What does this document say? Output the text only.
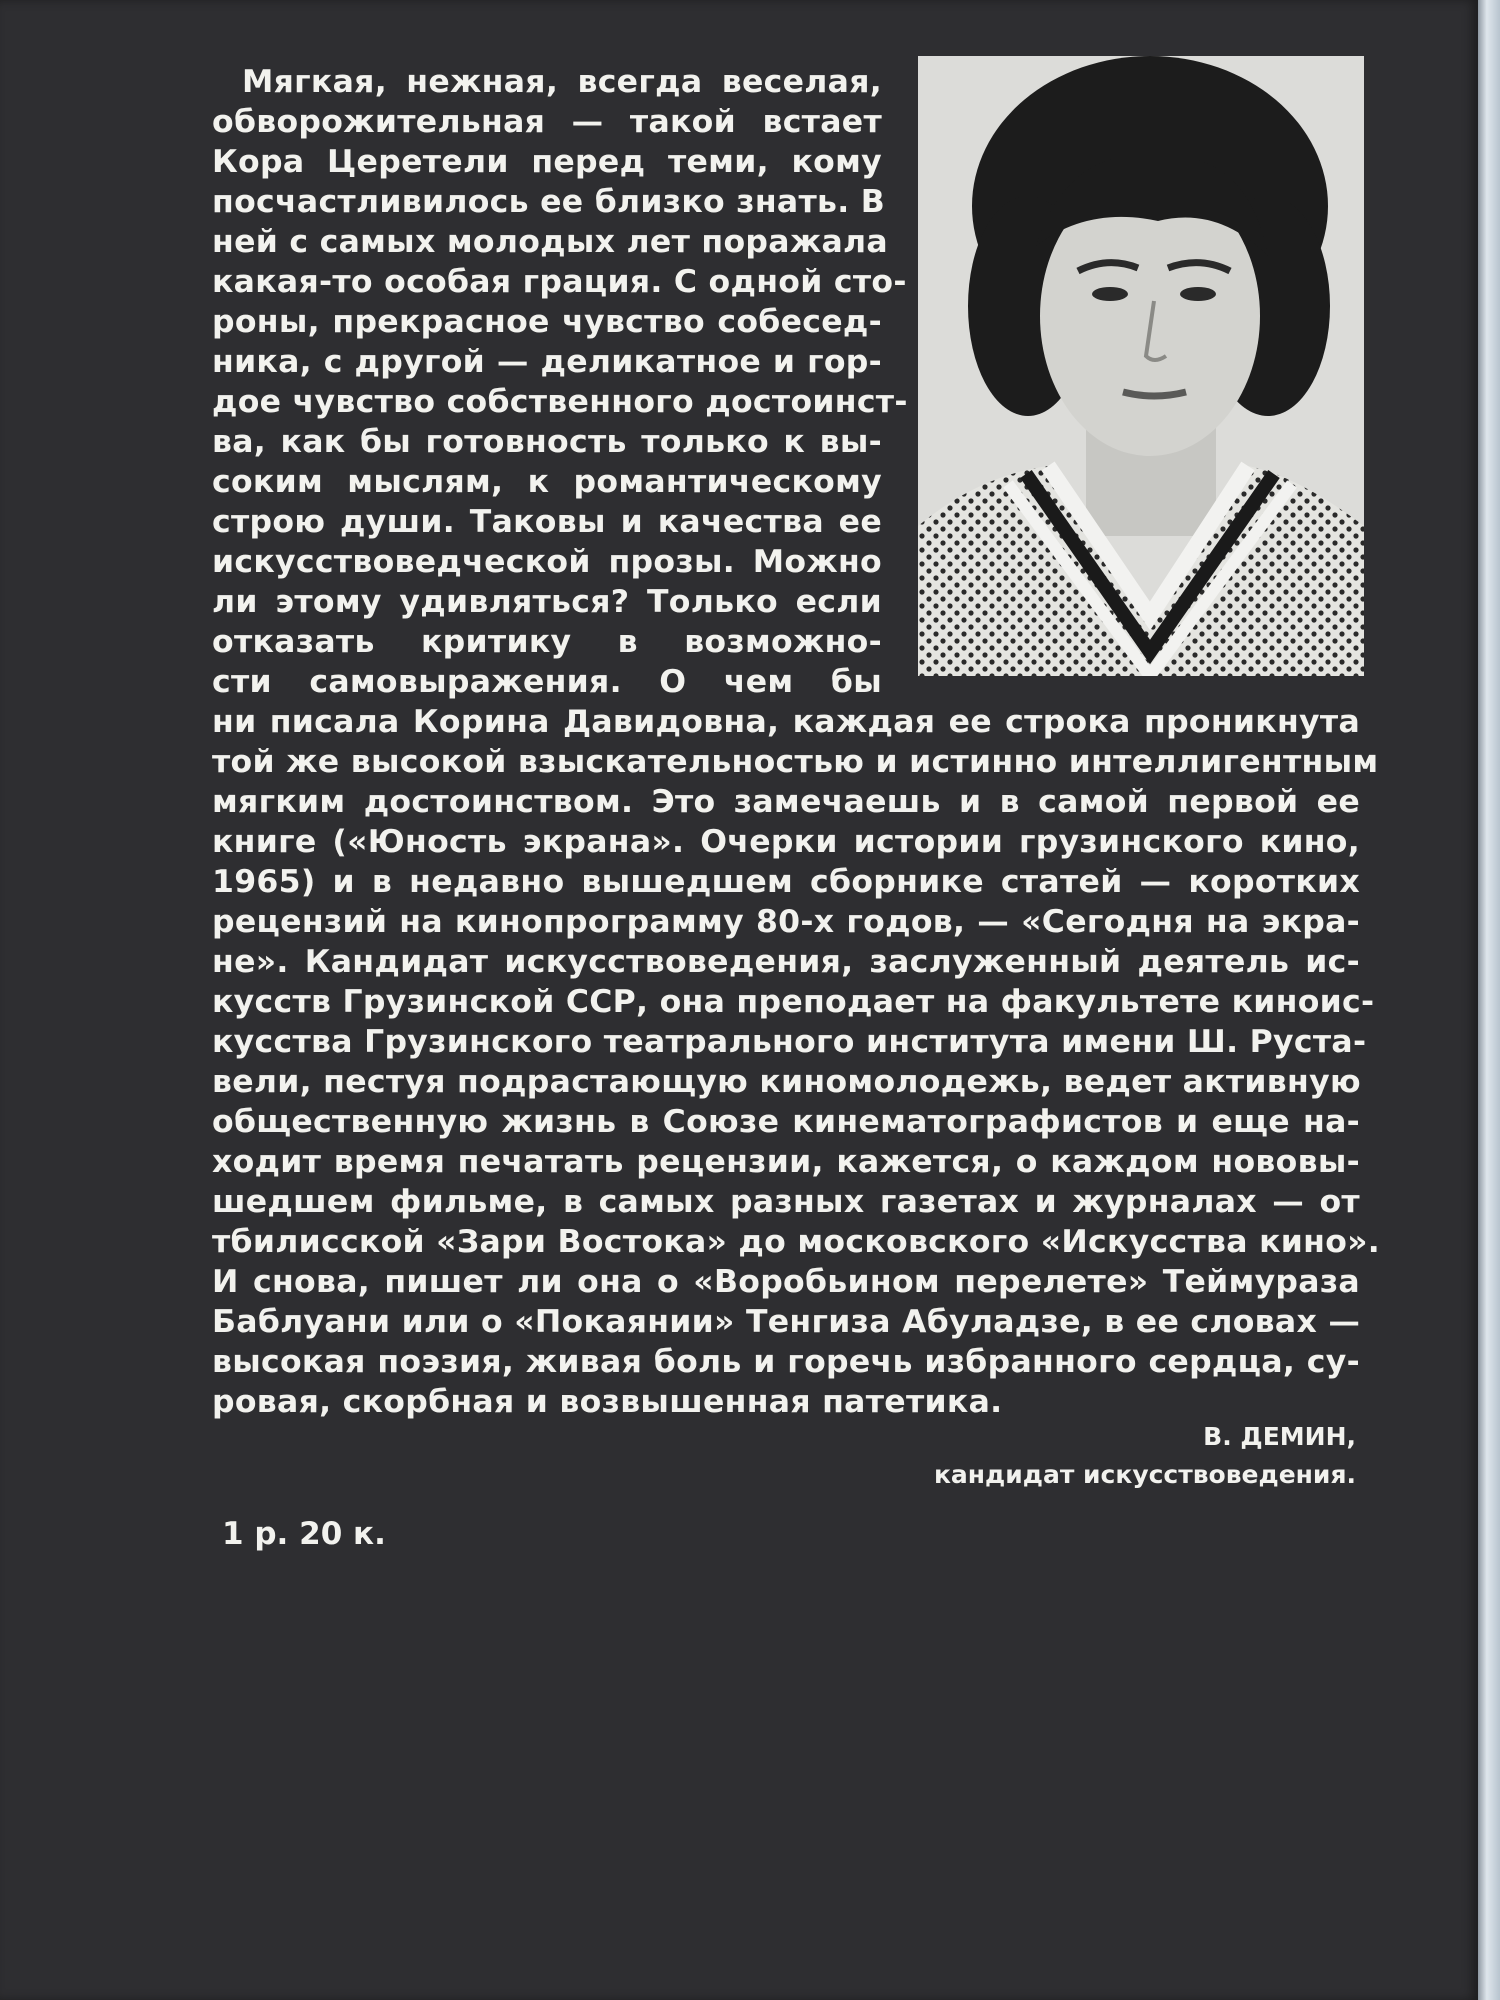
Мягкая, нежная, всегда веселая,
обворожительная — такой встает
Кора Церетели перед теми, кому
посчастливилось ее близко знать. В
ней с самых молодых лет поражала
какая-то особая грация. С одной сто-
роны, прекрасное чувство собесед-
ника, с другой — деликатное и гор-
дое чувство собственного достоинст-
ва, как бы готовность только к вы-
соким мыслям, к романтическому
строю души. Таковы и качества ее
искусствоведческой прозы. Можно
ли этому удивляться? Только если
отказать критику в возможно-
сти самовыражения. О чем бы
ни писала Корина Давидовна, каждая ее строка проникнута
той же высокой взыскательностью и истинно интеллигентным
мягким достоинством. Это замечаешь и в самой первой ее
книге («Юность экрана». Очерки истории грузинского кино,
1965) и в недавно вышедшем сборнике статей — коротких
рецензий на кинопрограмму 80-х годов, — «Сегодня на экра-
не». Кандидат искусствоведения, заслуженный деятель ис-
кусств Грузинской ССР, она преподает на факультете киноис-
кусства Грузинского театрального института имени Ш. Руста-
вели, пестуя подрастающую киномолодежь, ведет активную
общественную жизнь в Союзе кинематографистов и еще на-
ходит время печатать рецензии, кажется, о каждом нововы-
шедшем фильме, в самых разных газетах и журналах — от
тбилисской «Зари Востока» до московского «Искусства кино».
И снова, пишет ли она о «Воробьином перелете» Теймураза
Баблуани или о «Покаянии» Тенгиза Абуладзе, в ее словах —
высокая поэзия, живая боль и горечь избранного сердца, су-
ровая, скорбная и возвышенная патетика.
В. ДЕМИН,
кандидат искусствоведения.
1 р. 20 к.
